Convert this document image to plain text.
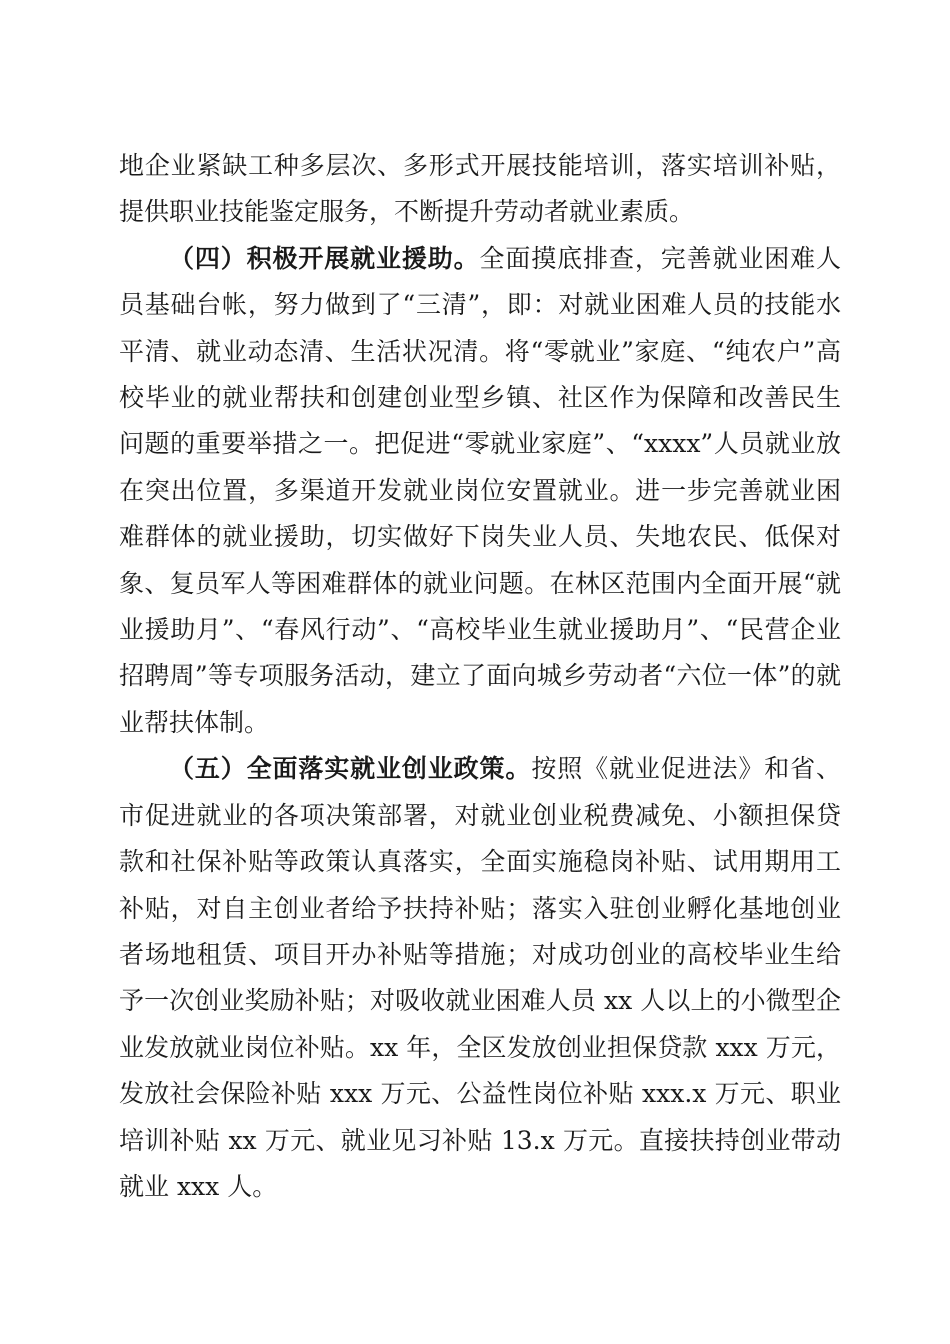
地企业紧缺工种多层次、多形式开展技能培训，落实培训补贴，提供职业技能鉴定服务，不断提升劳动者就业素质。

（四）积极开展就业援助。全面摸底排查，完善就业困难人员基础台帐，努力做到了“三清”，即：对就业困难人员的技能水平清、就业动态清、生活状况清。将“零就业”家庭、“纯农户”高校毕业的就业帮扶和创建创业型乡镇、社区作为保障和改善民生问题的重要举措之一。把促进“零就业家庭”、“xxxx”人员就业放在突出位置，多渠道开发就业岗位安置就业。进一步完善就业困难群体的就业援助，切实做好下岗失业人员、失地农民、低保对象、复员军人等困难群体的就业问题。在林区范围内全面开展“就业援助月”、“春风行动”、“高校毕业生就业援助月”、“民营企业招聘周”等专项服务活动，建立了面向城乡劳动者“六位一体”的就业帮扶体制。

（五）全面落实就业创业政策。按照《就业促进法》和省、市促进就业的各项决策部署，对就业创业税费减免、小额担保贷款和社保补贴等政策认真落实，全面实施稳岗补贴、试用期用工补贴，对自主创业者给予扶持补贴；落实入驻创业孵化基地创业者场地租赁、项目开办补贴等措施；对成功创业的高校毕业生给予一次创业奖励补贴；对吸收就业困难人员 xx 人以上的小微型企业发放就业岗位补贴。xx 年，全区发放创业担保贷款 xxx 万元，发放社会保险补贴 xxx 万元、公益性岗位补贴 xxx.x 万元、职业培训补贴 xx 万元、就业见习补贴 13.x 万元。直接扶持创业带动就业 xxx 人。
